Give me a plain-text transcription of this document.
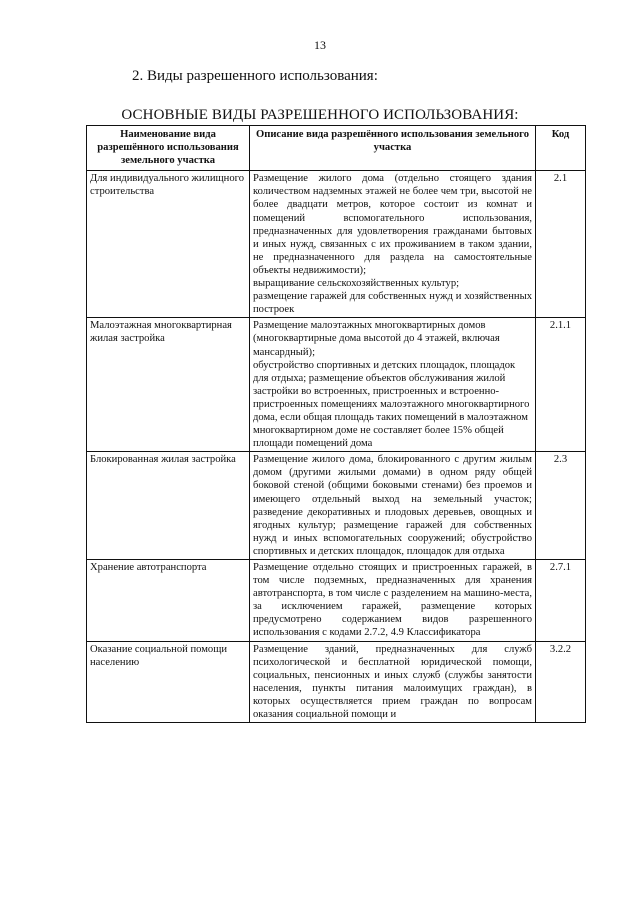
13
2. Виды разрешенного использования:
ОСНОВНЫЕ ВИДЫ РАЗРЕШЕННОГО ИСПОЛЬЗОВАНИЯ:
Наименование вида разрешённого использования земельного участка	Описание вида разрешённого использования земельного участка	Код
Для индивидуального жилищного строительства	Размещение жилого дома (отдельно стоящего здания количеством надземных этажей не более чем три, высотой не более двадцати метров, которое состоит из комнат и помещений вспомогательного использования, предназначенных для удовлетворения гражданами бытовых и иных нужд, связанных с их проживанием в таком здании, не предназначенного для раздела на самостоятельные объекты недвижимости);
выращивание сельскохозяйственных культур;
размещение гаражей для собственных нужд и хозяйственных построек	2.1
Малоэтажная многоквартирная жилая застройка	Размещение малоэтажных многоквартирных домов (многоквартирные дома высотой до 4 этажей, включая мансардный);
обустройство спортивных и детских площадок, площадок для отдыха; размещение объектов обслуживания жилой застройки во встроенных, пристроенных и встроенно-пристроенных помещениях малоэтажного многоквартирного дома, если общая площадь таких помещений в малоэтажном многоквартирном доме не составляет более 15% общей площади помещений дома	2.1.1
Блокированная жилая застройка	Размещение жилого дома, блокированного с другим жилым домом (другими жилыми домами) в одном ряду общей боковой стеной (общими боковыми стенами) без проемов и имеющего отдельный выход на земельный участок; разведение декоративных и плодовых деревьев, овощных и ягодных культур; размещение гаражей для собственных нужд и иных вспомогательных сооружений; обустройство спортивных и детских площадок, площадок для отдыха	2.3
Хранение автотранспорта	Размещение отдельно стоящих и пристроенных гаражей, в том числе подземных, предназначенных для хранения автотранспорта, в том числе с разделением на машино-места, за исключением гаражей, размещение которых предусмотрено содержанием видов разрешенного использования с кодами 2.7.2, 4.9 Классификатора	2.7.1
Оказание социальной помощи населению	Размещение зданий, предназначенных для служб психологической и бесплатной юридической помощи, социальных, пенсионных и иных служб (службы занятости населения, пункты питания малоимущих граждан), в которых осуществляется прием граждан по вопросам оказания социальной помощи и	3.2.2
